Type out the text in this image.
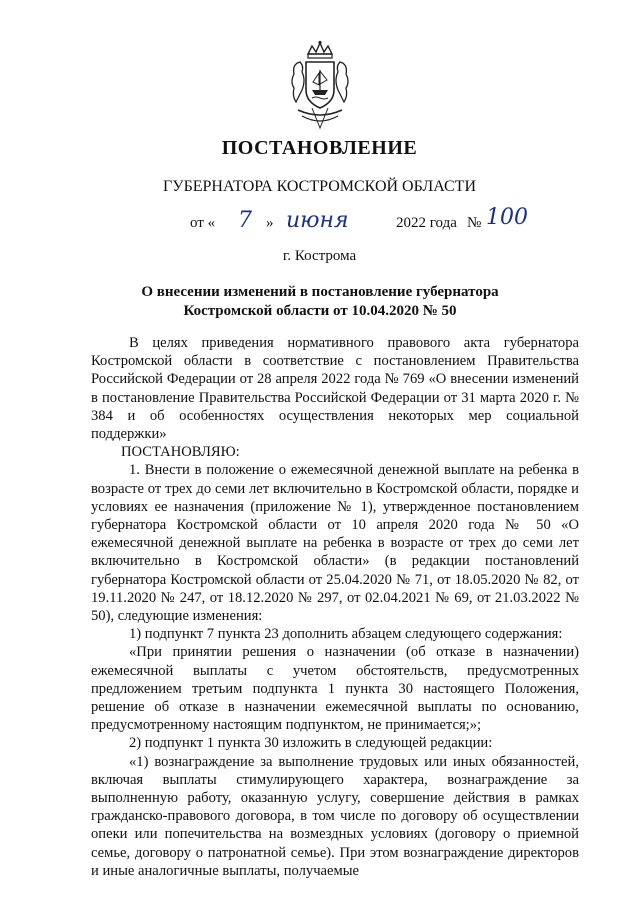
ПОСТАНОВЛЕНИЕ
ГУБЕРНАТОРА КОСТРОМСКОЙ ОБЛАСТИ
от « 7 » июня	2022 года № 100
г. Кострома
О внесении изменений в постановление губернатора
Костромской области от 10.04.2020 № 50

В целях приведения нормативного правового акта губернатора Костромской области в соответствие с постановлением Правительства Российской Федерации от 28 апреля 2022 года № 769 «О внесении изменений в постановление Правительства Российской Федерации от 31 марта 2020 г. № 384 и об особенностях осуществления некоторых мер социальной поддержки»

ПОСТАНОВЛЯЮ:

1. Внести в положение о ежемесячной денежной выплате на ребенка в возрасте от трех до семи лет включительно в Костромской области, порядке и условиях ее назначения (приложение № 1), утвержденное постановлением губернатора Костромской области от 10 апреля 2020 года № 50 «О ежемесячной денежной выплате на ребенка в возрасте от трех до семи лет включительно в Костромской области» (в редакции постановлений губернатора Костромской области от 25.04.2020 № 71, от 18.05.2020 № 82, от 19.11.2020 № 247, от 18.12.2020 № 297, от 02.04.2021 № 69, от 21.03.2022 № 50), следующие изменения:

1) подпункт 7 пункта 23 дополнить абзацем следующего содержания:

«При принятии решения о назначении (об отказе в назначении) ежемесячной выплаты с учетом обстоятельств, предусмотренных предложением третьим подпункта 1 пункта 30 настоящего Положения, решение об отказе в назначении ежемесячной выплаты по основанию, предусмотренному настоящим подпунктом, не принимается;»;

2) подпункт 1 пункта 30 изложить в следующей редакции:

«1) вознаграждение за выполнение трудовых или иных обязанностей, включая выплаты стимулирующего характера, вознаграждение за выполненную работу, оказанную услугу, совершение действия в рамках гражданско-правового договора, в том числе по договору об осуществлении опеки или попечительства на возмездных условиях (договору о приемной семье, договору о патронатной семье). При этом вознаграждение директоров и иные аналогичные выплаты, получаемые
